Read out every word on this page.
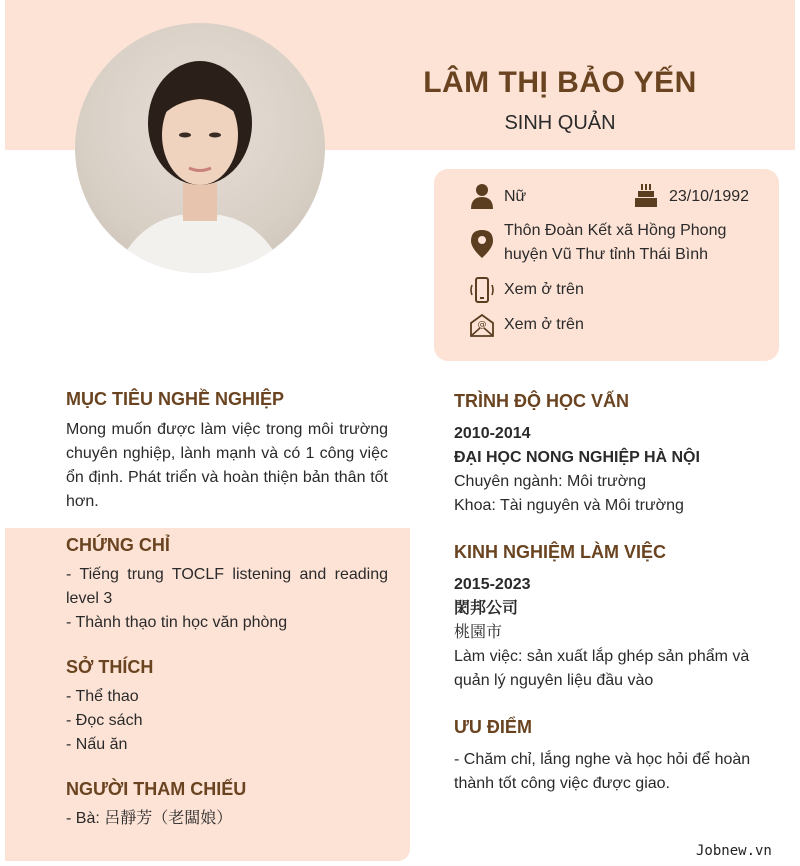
LÂM THỊ BẢO YẾN
SINH QUẢN
Nữ	23/10/1992
Thôn Đoàn Kết xã Hồng Phong
huyện Vũ Thư tỉnh Thái Bình
Xem ở trên
@ Xem ở trên
MỤC TIÊU NGHỀ NGHIỆP

Mong muốn được làm việc trong môi trường chuyên nghiệp, lành mạnh và có 1 công việc ổn định. Phát triển và hoàn thiện bản thân tốt hơn.

CHỨNG CHỈ

- Tiếng trung TOCLF listening and reading level 3

- Thành thạo tin học văn phòng

SỞ THÍCH

- Thể thao

- Đọc sách

- Nấu ăn

NGƯỜI THAM CHIẾU

- Bà: 呂靜芳（老闆娘）

TRÌNH ĐỘ HỌC VẤN

2010-2014

ĐẠI HỌC NONG NGHIỆP HÀ NỘI

Chuyên ngành: Môi trường

Khoa: Tài nguyên và Môi trường

KINH NGHIỆM LÀM VIỆC

2015-2023

閎邦公司

桃園市

Làm việc: sản xuất lắp ghép sản phẩm và quản lý nguyên liệu đầu vào

ƯU ĐIỂM

- Chăm chỉ, lắng nghe và học hỏi để hoàn thành tốt công việc được giao.

Jobnew.vn
